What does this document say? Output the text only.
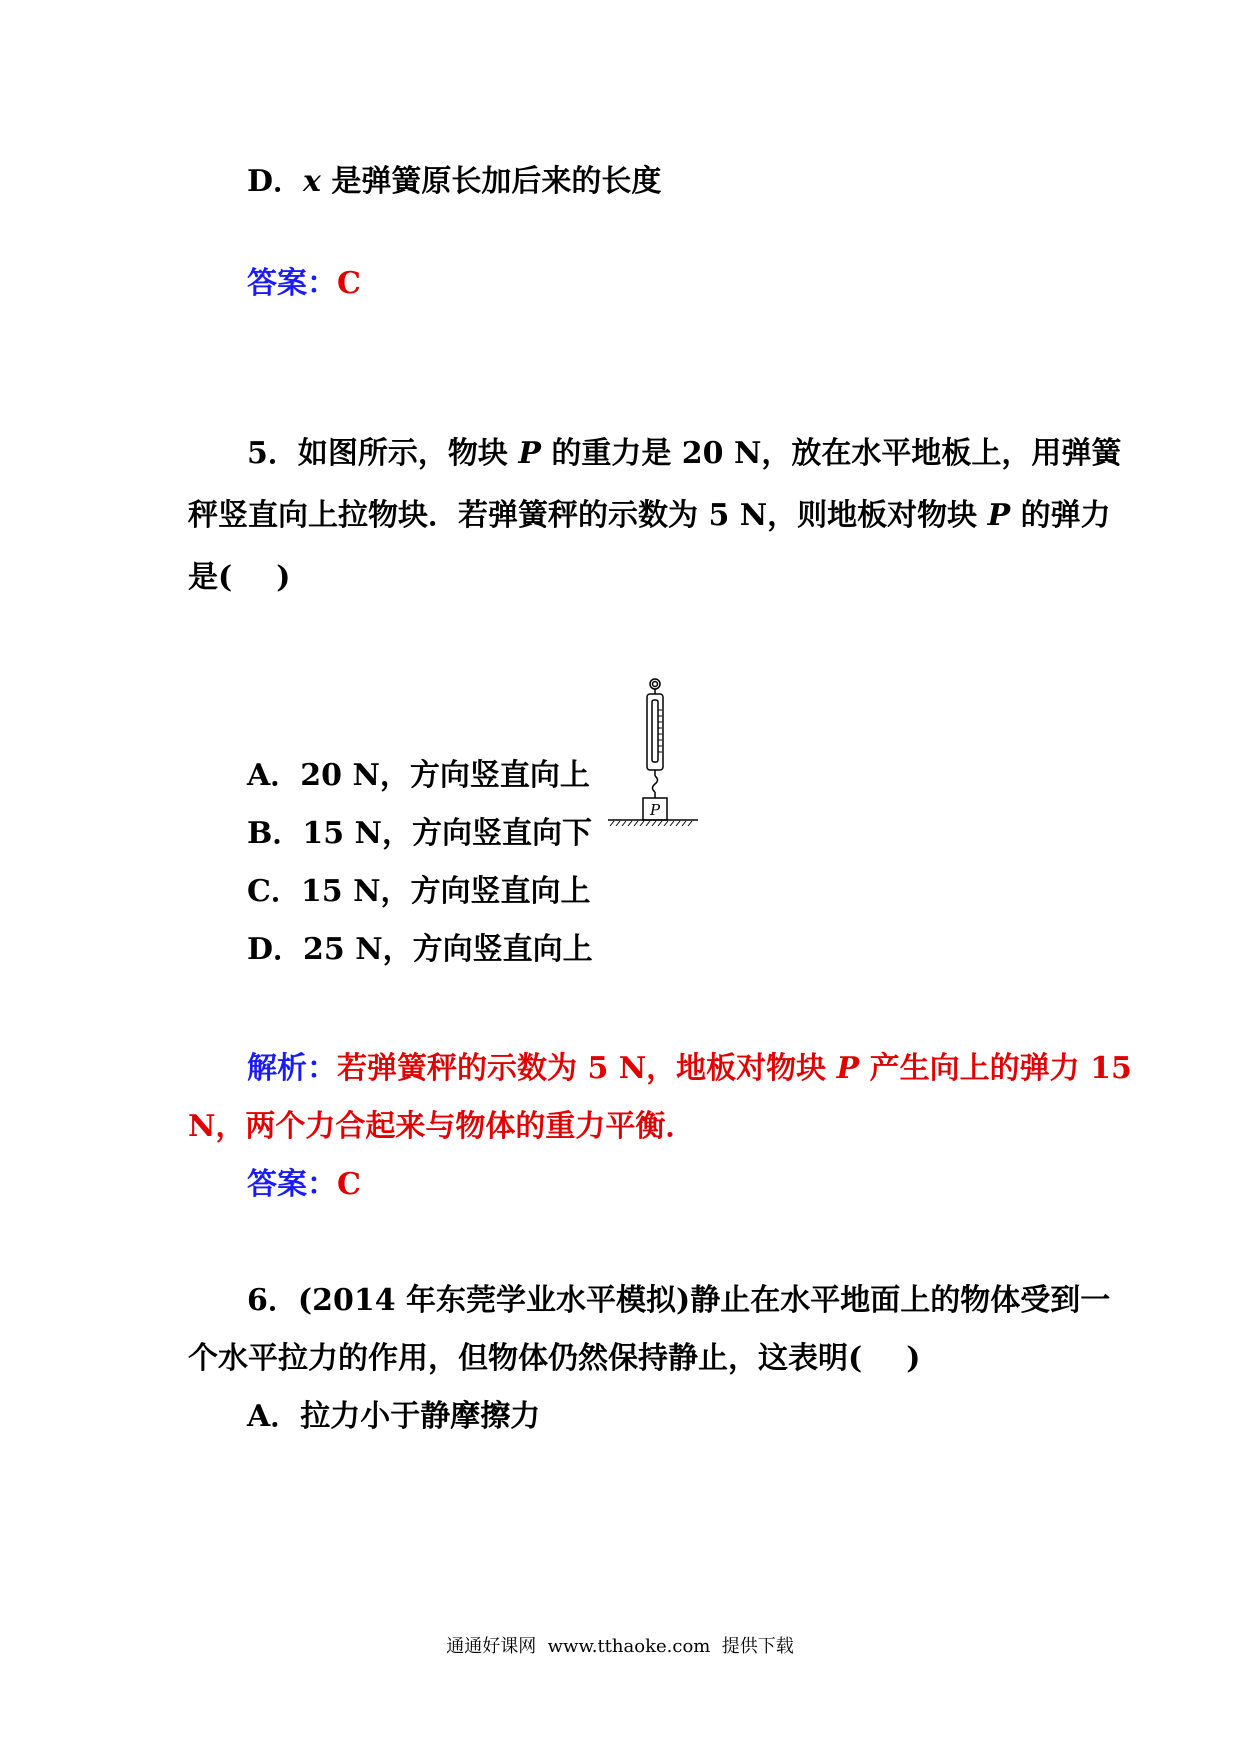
D．x 是弹簧原长加后来的长度
答案：C
5．如图所示，物块 P 的重力是 20 N，放在水平地板上，用弹簧
秤竖直向上拉物块．若弹簧秤的示数为 5 N，则地板对物块 P 的弹力
是( )
P
A．20 N，方向竖直向上
B．15 N，方向竖直向下
C．15 N，方向竖直向上
D．25 N，方向竖直向上
解析：若弹簧秤的示数为 5 N，地板对物块 P 产生向上的弹力 15
N，两个力合起来与物体的重力平衡．
答案：C
6．(2014 年东莞学业水平模拟)静止在水平地面上的物体受到一
个水平拉力的作用，但物体仍然保持静止，这表明( )
A．拉力小于静摩擦力
通通好课网  www.tthaoke.com  提供下载
